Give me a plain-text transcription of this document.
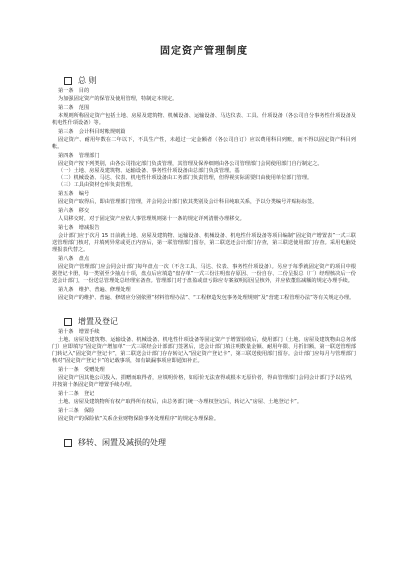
固定资产管理制度
总 则
第一条　目的

为加强固定资产的保管及使用管理，特制定本规定。

第二条　范围

本规则所称固定资产包括土地、房屋及建筑物、机械设备、运输设备、马达仪表、工具、什项设备（各公司自分事务性什项设备及机电性什项设备）等。

第三条　会计科目时帐规则篇

固定资产、耐用年数在二年以下，不具生产性，未超过一定金额者（各公司自订）应以费用科目列账，而不得以固定资产科目列帐。

第四条　管理部门

固定资产按下列类别，由各公司指定部门负责管理，其管理及保养细则由各公司管理部门会同使用部门自行制定之。

（一）土地、房屋及建筑物、运输设备、事务性什项设备由总部门负责管理。基

（二）机械设备、马达、仪表、机电性什项设备由工务部门负责管理，但得视实际需要归由使用单位部门管理。

（三）工具由资材仓库负责管理。

第五条　编号

固定资产取得后，即由管理部门管理，并会同会计部门依其类别及会计科目纯取关系，予以分类编号并贴标标签。

第六条　移交

人员移交时，对于固定资产应依人事管理规则第十一条的规定详列清册办理移交。

第七条　增减报告

会计部门应于次月 15 日前就土地、房屋及建筑物、运输设备、机械设备、机电性什项设备等项目编制“固定资产增置表”一式三联送管理部门核对，并填列异常或更正内容后，第一联管理部门留存，第二联送还会计部门存查，第三联送使用部门存查。采用电脑处理报表代替之。

第八条　盘点

固定资产管理部门应会同会计部门每年盘点一次（不含工具、马达、仪表、事务性什项设备）。另应于每季就固定资产的项目中根据登记卡册，每一类别至少抽点十项，盘点后应填造“盘存单”一式三份注明盘存原因、一份自存、二份呈报总（厂）经理核决后一份送会计部门，一份送总管理处总经理室备查。管理部门对于盘盈或盘亏除应专案叙明原因呈核外，并应依董监减额的规定办理手续。

第九条　维护、普遍、修理处理

固定资产的维护、普遍、修缮应分别依照“材料管理办法”、“工程修造发包事务处理规则”及“营建工程管理办法”等有关规定办理。

增置及登记
第十条　增置手续

土地、房屋及建筑物、运输设备、机械设备、机电性什项设备等固定资产于增置验收后，使用部门（土地、房屋及建筑物由总务部门）应即填写“固定资产增加单”一式三联经会计部部门签署后，送会计部门填注明数量金额、耐用年限、月折旧额，第一联送管理部门转记入“固定资产登记卡”，第二联送会计部门存存转记入“固定资产登记卡”，第三联送使用部门留存。会计部门应每月与管理部门核对“固定资产登记卡”的记载事项，如有缺漏事项应即通知补正。

第十一条　受赠处理

固定资产因其他公司投入、捐赠而取得者，应填明价格，如原价无法查得或根本无原价者，得由管理部门会同会计部门予以估列，并按第十条固定资产增置手续办理。

第十二条　登记

土地、房屋及建筑物所有权产取得所有权后，由总务部门统一办理权登记后，转记入“房屋、土地登记卡”。

第十三条　保险

固定资产的保险依“关系企业财物保险事务处理程序”的规定办理保险。

移转、闲置及减损的处理
